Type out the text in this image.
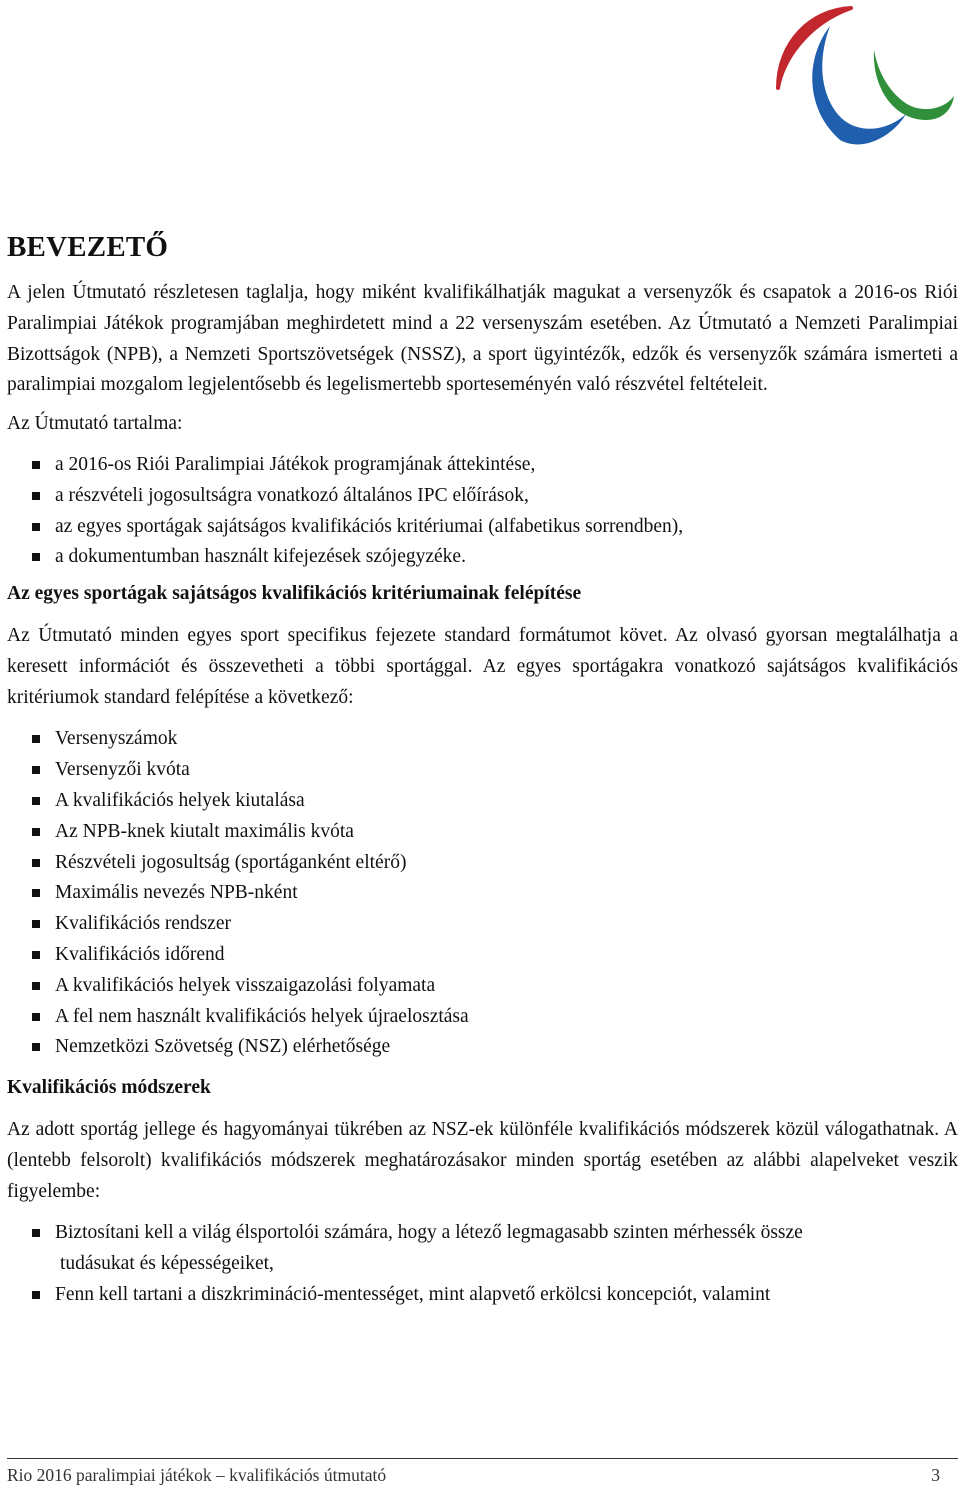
BEVEZETŐ

A jelen Útmutató részletesen taglalja, hogy miként kvalifikálhatják magukat a versenyzők és csapatok a 2016-os Riói Paralimpiai Játékok programjában meghirdetett mind a 22 versenyszám esetében. Az Útmutató a Nemzeti Paralimpiai Bizottságok (NPB), a Nemzeti Sportszövetségek (NSSZ), a sport ügyintézők, edzők és versenyzők számára ismerteti a paralimpiai mozgalom legjelentősebb és legelismertebb sporteseményén való részvétel feltételeit.

Az Útmutató tartalma:

a 2016-os Riói Paralimpiai Játékok programjának áttekintése,
a részvételi jogosultságra vonatkozó általános IPC előírások,
az egyes sportágak sajátságos kvalifikációs kritériumai (alfabetikus sorrendben),
a dokumentumban használt kifejezések szójegyzéke.
Az egyes sportágak sajátságos kvalifikációs kritériumainak felépítése

Az Útmutató minden egyes sport specifikus fejezete standard formátumot követ. Az olvasó gyorsan megtalálhatja a keresett információt és összevetheti a többi sportággal. Az egyes sportágakra vonatkozó sajátságos kvalifikációs kritériumok standard felépítése a következő:

Versenyszámok
Versenyzői kvóta
A kvalifikációs helyek kiutalása
Az NPB-knek kiutalt maximális kvóta
Részvételi jogosultság (sportáganként eltérő)
Maximális nevezés NPB-nként
Kvalifikációs rendszer
Kvalifikációs időrend
A kvalifikációs helyek visszaigazolási folyamata
A fel nem használt kvalifikációs helyek újraelosztása
Nemzetközi Szövetség (NSZ) elérhetősége
Kvalifikációs módszerek

Az adott sportág jellege és hagyományai tükrében az NSZ-ek különféle kvalifikációs módszerek közül válogathatnak. A (lentebb felsorolt) kvalifikációs módszerek meghatározásakor minden sportág esetében az alábbi alapelveket veszik figyelembe:

Biztosítani kell a világ élsportolói számára, hogy a létező legmagasabb szinten mérhessék össze
tudásukat és képességeiket,
Fenn kell tartani a diszkrimináció-mentességet, mint alapvető erkölcsi koncepciót, valamint
Rio 2016 paralimpiai játékok – kvalifikációs útmutató	3
